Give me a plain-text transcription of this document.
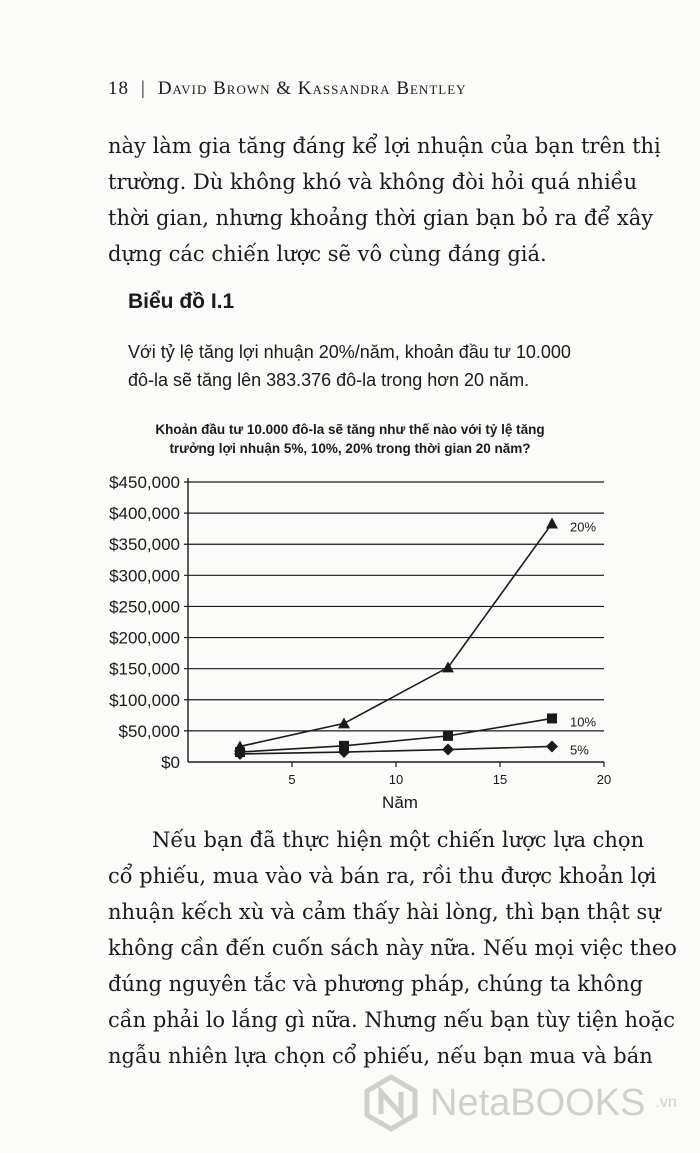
18 | David Brown & Kassandra Bentley
này làm gia tăng đáng kể lợi nhuận của bạn trên thị
trường. Dù không khó và không đòi hỏi quá nhiều
thời gian, nhưng khoảng thời gian bạn bỏ ra để xây
dựng các chiến lược sẽ vô cùng đáng giá.
Biểu đồ I.1
Với tỷ lệ tăng lợi nhuận 20%/năm, khoản đầu tư 10.000
đô-la sẽ tăng lên 383.376 đô-la trong hơn 20 năm.
Khoản đầu tư 10.000 đô-la sẽ tăng như thế nào với tỷ lệ tăng
trưởng lợi nhuận 5%, 10%, 20% trong thời gian 20 năm?
$0
$50,000
$100,000
$150,000
$200,000
$250,000
$300,000
$350,000
$400,000
$450,000
5	10	15	20
Năm
20%
10%
5%
Nếu bạn đã thực hiện một chiến lược lựa chọn
cổ phiếu, mua vào và bán ra, rồi thu được khoản lợi
nhuận kếch xù và cảm thấy hài lòng, thì bạn thật sự
không cần đến cuốn sách này nữa. Nếu mọi việc theo
đúng nguyên tắc và phương pháp, chúng ta không
cần phải lo lắng gì nữa. Nhưng nếu bạn tùy tiện hoặc
ngẫu nhiên lựa chọn cổ phiếu, nếu bạn mua và bán
NetaBOOKS .vn
